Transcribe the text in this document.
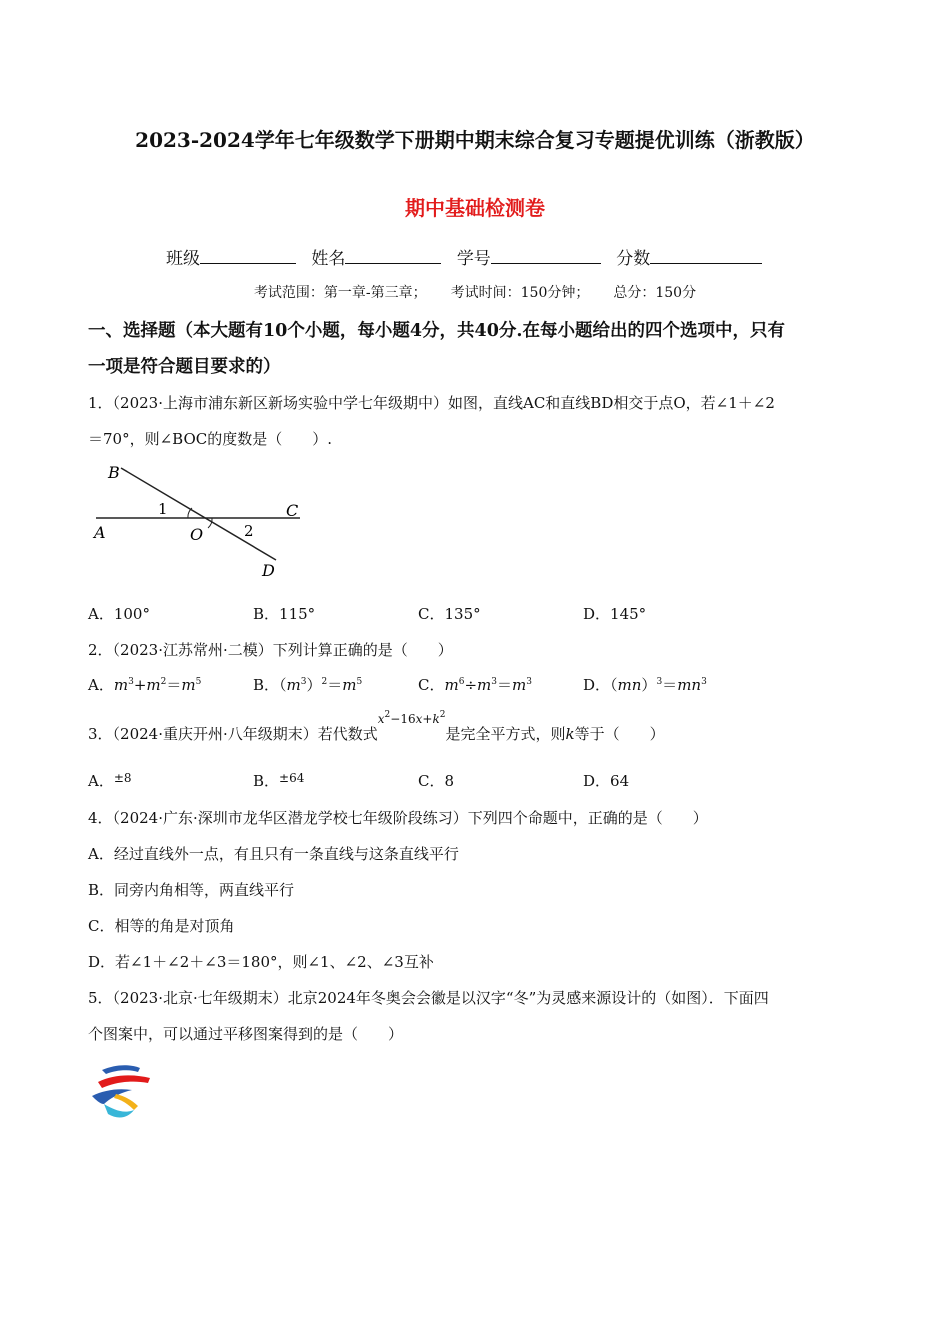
2023-2024学年七年级数学下册期中期末综合复习专题提优训练（浙教版）
期中基础检测卷
班级	姓名	学号	分数
考试范围：第一章-第三章； 考试时间：150分钟； 总分：150分
一、选择题（本大题有10个小题，每小题4分，共40分.在每小题给出的四个选项中，只有
一项是符合题目要求的）
1．（2023·上海市浦东新区新场实验中学七年级期中）如图，直线AC和直线BD相交于点O，若∠1＋∠2
＝70°，则∠BOC的度数是（　　）.
B
C
A	O
D
1
2
A．100°	B．115°	C．135°	D．145°
2．（2023·江苏常州·二模）下列计算正确的是（　　）
A．$m^3+m^2=m^5$	B．$(m^3)^2=m^5$	C．$m^6\div m^3=m^3$	D．$(mn)^3=mn^3$
3．（2024·重庆开州·八年级期末）若代数式$^{x^2-16x+k^2}$是完全平方式，则k等于（　　）
A．$^{\pm 8}$	B．$^{\pm 64}$	C．8	D．64
4．（2024·广东·深圳市龙华区潜龙学校七年级阶段练习）下列四个命题中，正确的是（　　）
A．经过直线外一点，有且只有一条直线与这条直线平行
B．同旁内角相等，两直线平行
C．相等的角是对顶角
D．若∠1＋∠2＋∠3＝180°，则∠1、∠2、∠3互补
5．（2023·北京·七年级期末）北京2024年冬奥会会徽是以汉字“冬”为灵感来源设计的（如图）．下面四
个图案中，可以通过平移图案得到的是（　　）
